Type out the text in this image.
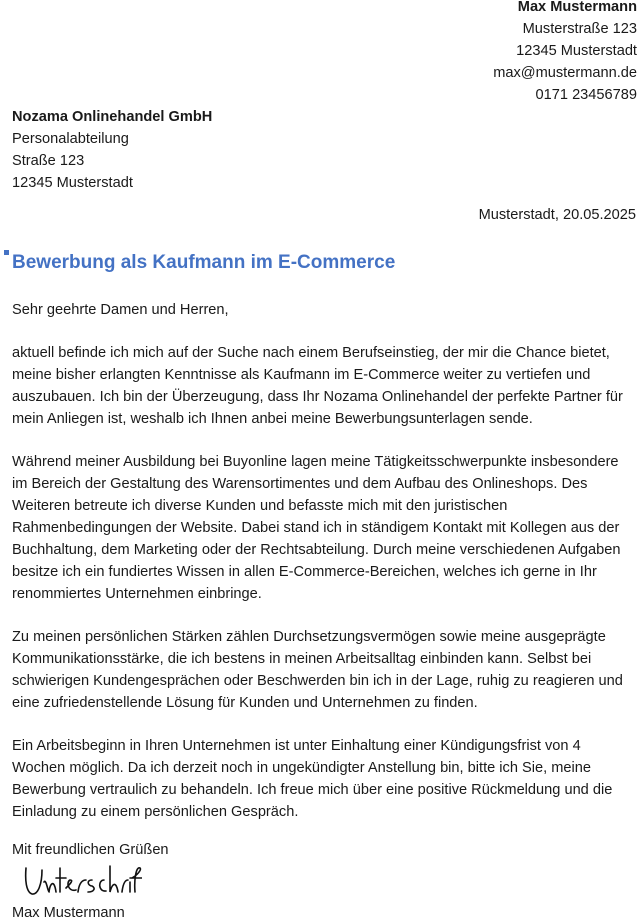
Max Mustermann
Musterstraße 123
12345 Musterstadt
max@mustermann.de
0171 23456789
Nozama Onlinehandel GmbH
Personalabteilung
Straße 123
12345 Musterstadt
Musterstadt, 20.05.2025
Bewerbung als Kaufmann im E-Commerce

Sehr geehrte Damen und Herren,

aktuell befinde ich mich auf der Suche nach einem Berufseinstieg, der mir die Chance bietet,
meine bisher erlangten Kenntnisse als Kaufmann im E-Commerce weiter zu vertiefen und
auszubauen. Ich bin der Überzeugung, dass Ihr Nozama Onlinehandel der perfekte Partner für
mein Anliegen ist, weshalb ich Ihnen anbei meine Bewerbungsunterlagen sende.

Während meiner Ausbildung bei Buyonline lagen meine Tätigkeitsschwerpunkte insbesondere
im Bereich der Gestaltung des Warensortimentes und dem Aufbau des Onlineshops. Des
Weiteren betreute ich diverse Kunden und befasste mich mit den juristischen
Rahmenbedingungen der Website. Dabei stand ich in ständigem Kontakt mit Kollegen aus der
Buchhaltung, dem Marketing oder der Rechtsabteilung. Durch meine verschiedenen Aufgaben
besitze ich ein fundiertes Wissen in allen E-Commerce-Bereichen, welches ich gerne in Ihr
renommiertes Unternehmen einbringe.

Zu meinen persönlichen Stärken zählen Durchsetzungsvermögen sowie meine ausgeprägte
Kommunikationsstärke, die ich bestens in meinen Arbeitsalltag einbinden kann. Selbst bei
schwierigen Kundengesprächen oder Beschwerden bin ich in der Lage, ruhig zu reagieren und
eine zufriedenstellende Lösung für Kunden und Unternehmen zu finden.

Ein Arbeitsbeginn in Ihren Unternehmen ist unter Einhaltung einer Kündigungsfrist von 4
Wochen möglich. Da ich derzeit noch in ungekündigter Anstellung bin, bitte ich Sie, meine
Bewerbung vertraulich zu behandeln. Ich freue mich über eine positive Rückmeldung und die
Einladung zu einem persönlichen Gespräch.

Mit freundlichen Grüßen
Max Mustermann
